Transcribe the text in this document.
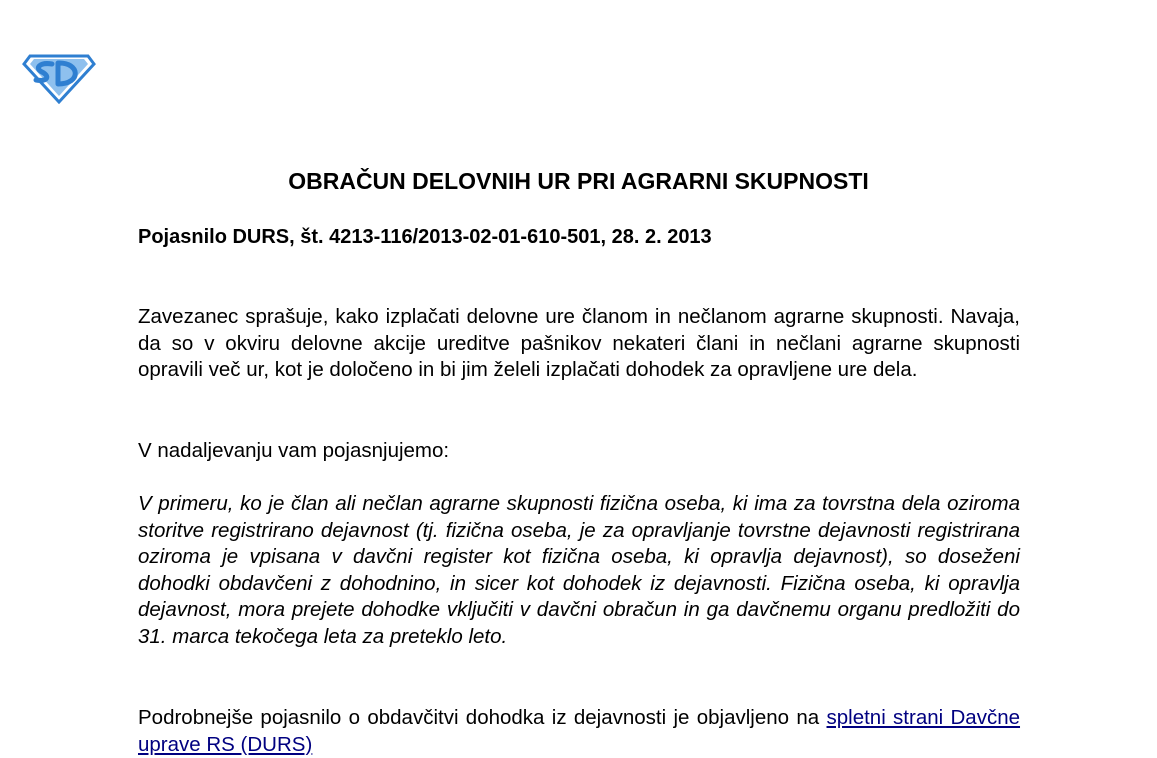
OBRAČUN DELOVNIH UR PRI AGRARNI SKUPNOSTI

Pojasnilo DURS, št. 4213-116/2013-02-01-610-501, 28. 2. 2013

Zavezanec sprašuje, kako izplačati delovne ure članom in nečlanom agrarne skupnosti. Navaja, da so v okviru delovne akcije ureditve pašnikov nekateri člani in nečlani agrarne skupnosti opravili več ur, kot je določeno in bi jim želeli izplačati dohodek za opravljene ure dela.

V nadaljevanju vam pojasnjujemo:

V primeru, ko je član ali nečlan agrarne skupnosti fizična oseba, ki ima za tovrstna dela oziroma storitve registrirano dejavnost (tj. fizična oseba, je za opravljanje tovrstne dejavnosti registrirana oziroma je vpisana v davčni register kot fizična oseba, ki opravlja dejavnost), so doseženi dohodki obdavčeni z dohodnino, in sicer kot dohodek iz dejavnosti. Fizična oseba, ki opravlja dejavnost, mora prejete dohodke vključiti v davčni obračun in ga davčnemu organu predložiti do 31. marca tekočega leta za preteklo leto.

Podrobnejše pojasnilo o obdavčitvi dohodka iz dejavnosti je objavljeno na spletni strani Davčne uprave RS (DURS)
